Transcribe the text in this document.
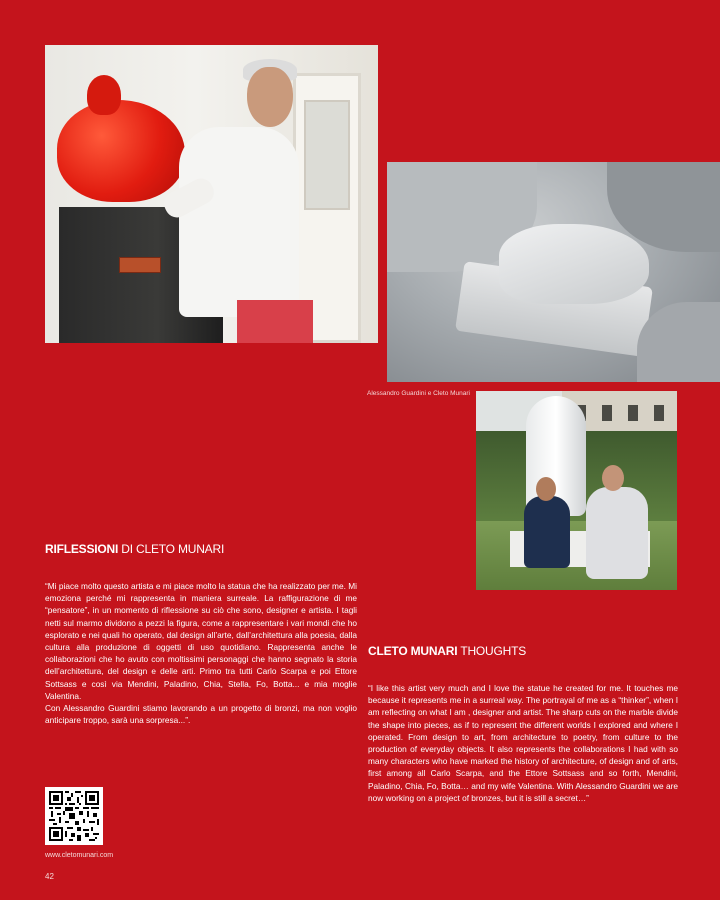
Alessandro Guardini e Cleto Munari
RIFLESSIONI DI CLETO MUNARI

“Mi piace molto questo artista e mi piace molto la statua che ha realizzato per me. Mi emoziona perché mi rappresenta in maniera surreale. La raffigurazione di me “pensatore”, in un momento di riflessione su ciò che sono, designer e artista. I tagli netti sul marmo dividono a pezzi la figura, come a rappresentare i vari mondi che ho esplorato e nei quali ho operato, dal design all’arte, dall’architettura alla poesia, dalla cultura alla produzione di oggetti di uso quotidiano. Rappresenta anche le collaborazioni che ho avuto con moltissimi personaggi che hanno segnato la storia dell’architettura, del design e delle arti. Primo tra tutti Carlo Scarpa e poi Ettore Sottsass e così via Mendini, Paladino, Chia, Stella, Fo, Botta... e mia moglie Valentina.

Con Alessandro Guardini stiamo lavorando a un progetto di bronzi, ma non voglio anticipare troppo, sarà una sorpresa...”.

CLETO MUNARI THOUGHTS
“I like this artist very much and I love the statue he created for me. It touches me because it represents me in a surreal way. The portrayal of me as a “thinker”, when I am reflecting on what I am , designer and artist. The sharp cuts on the marble divide the shape into pieces, as if to represent the different worlds I explored and where I operated. From design to art, from architecture to poetry, from culture to the production of everyday objects. It also represents the collaborations I had with so many characters who have marked the history of architecture, of design and of arts, first among all Carlo Scarpa, and the Ettore Sottsass and so forth, Mendini, Paladino, Chia, Fo, Botta… and my wife Valentina. With Alessandro Guardini we are now working on a project of bronzes, but it is still a secret…”
www.cletomunari.com
42
